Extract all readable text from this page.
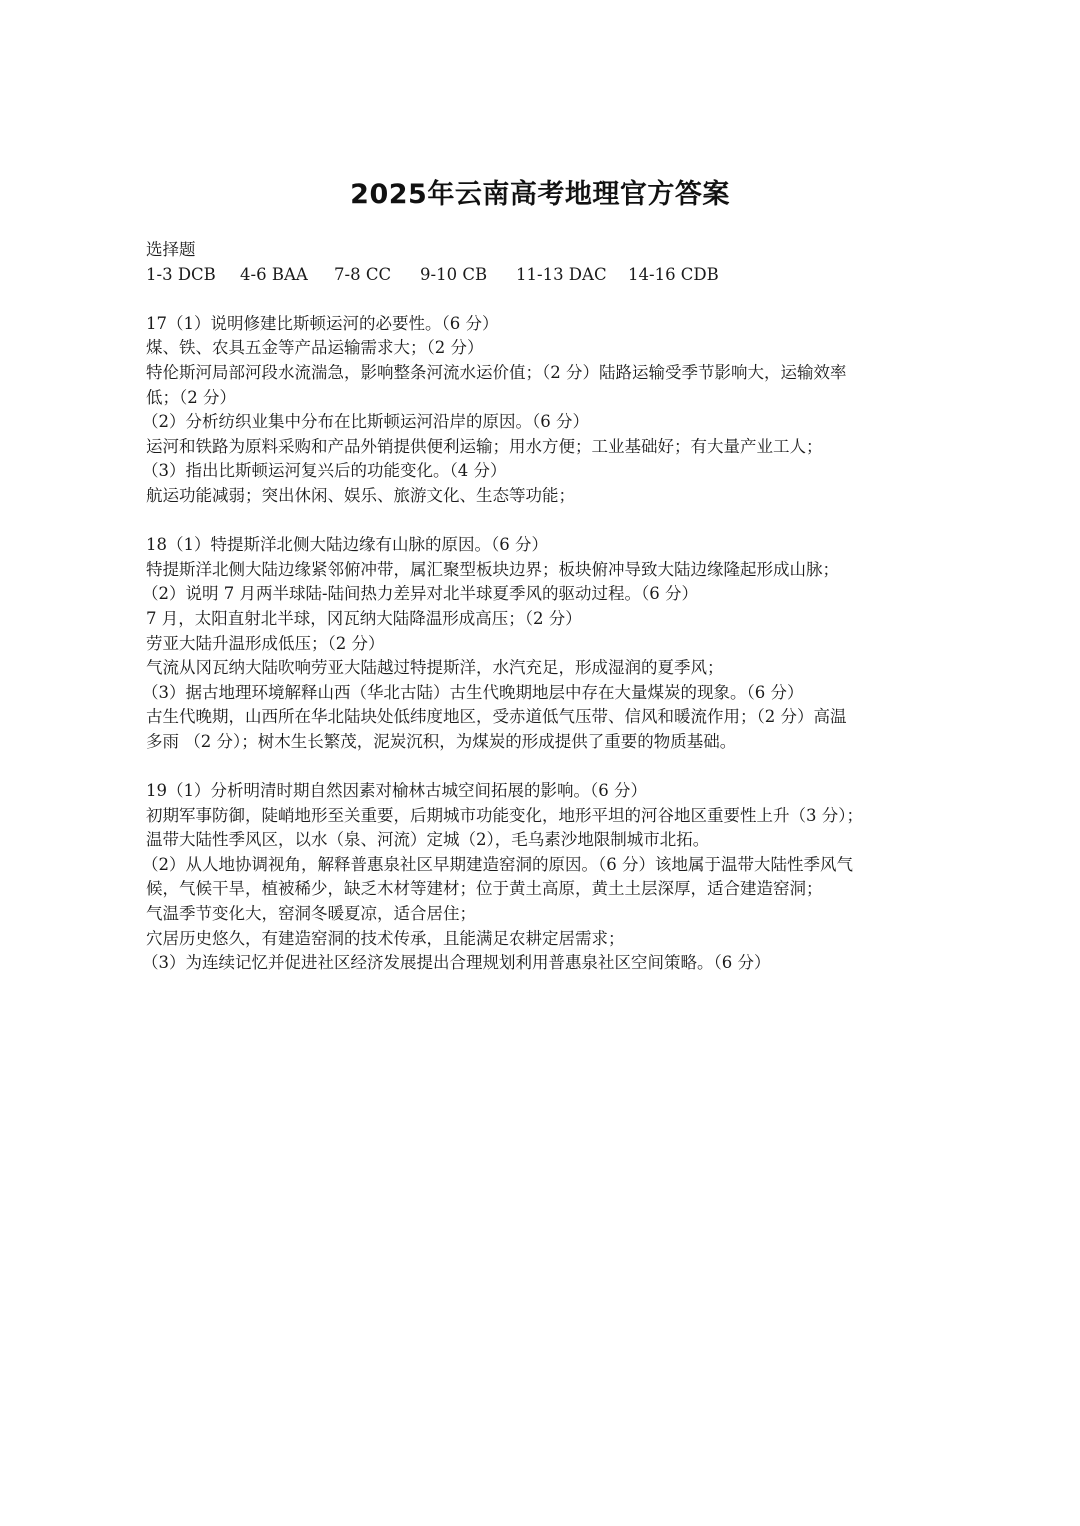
2025年云南高考地理官方答案
选择题
1-3 DCB	4-6 BAA	7-8 CC	9-10 CB	11-13 DAC	14-16 CDB
17（1）说明修建比斯顿运河的必要性。（6 分）
煤、铁、农具五金等产品运输需求大；（2 分）
特伦斯河局部河段水流湍急，影响整条河流水运价值；（2 分）陆路运输受季节影响大，运输效率
低；（2 分）
（2）分析纺织业集中分布在比斯顿运河沿岸的原因。（6 分）
运河和铁路为原料采购和产品外销提供便利运输；用水方便；工业基础好；有大量产业工人；
（3）指出比斯顿运河复兴后的功能变化。（4 分）
航运功能减弱；突出休闲、娱乐、旅游文化、生态等功能；
18（1）特提斯洋北侧大陆边缘有山脉的原因。（6 分）
特提斯洋北侧大陆边缘紧邻俯冲带，属汇聚型板块边界；板块俯冲导致大陆边缘隆起形成山脉；
（2）说明 7 月两半球陆-陆间热力差异对北半球夏季风的驱动过程。（6 分）
7 月，太阳直射北半球，冈瓦纳大陆降温形成高压；（2 分）
劳亚大陆升温形成低压；（2 分）
气流从冈瓦纳大陆吹响劳亚大陆越过特提斯洋，水汽充足，形成湿润的夏季风；
（3）据古地理环境解释山西（华北古陆）古生代晚期地层中存在大量煤炭的现象。（6 分）
古生代晚期，山西所在华北陆块处低纬度地区，受赤道低气压带、信风和暖流作用；（2 分）高温
多雨 （2 分）；树木生长繁茂，泥炭沉积，为煤炭的形成提供了重要的物质基础。
19（1）分析明清时期自然因素对榆林古城空间拓展的影响。（6 分）
初期军事防御，陡峭地形至关重要，后期城市功能变化，地形平坦的河谷地区重要性上升（3 分）；
温带大陆性季风区，以水（泉、河流）定城（2），毛乌素沙地限制城市北拓。
（2）从人地协调视角，解释普惠泉社区早期建造窑洞的原因。（6 分）该地属于温带大陆性季风气
候，气候干旱，植被稀少，缺乏木材等建材；位于黄土高原，黄土土层深厚，适合建造窑洞；
气温季节变化大，窑洞冬暖夏凉，适合居住；
穴居历史悠久，有建造窑洞的技术传承，且能满足农耕定居需求；
（3）为连续记忆并促进社区经济发展提出合理规划利用普惠泉社区空间策略。（6 分）
